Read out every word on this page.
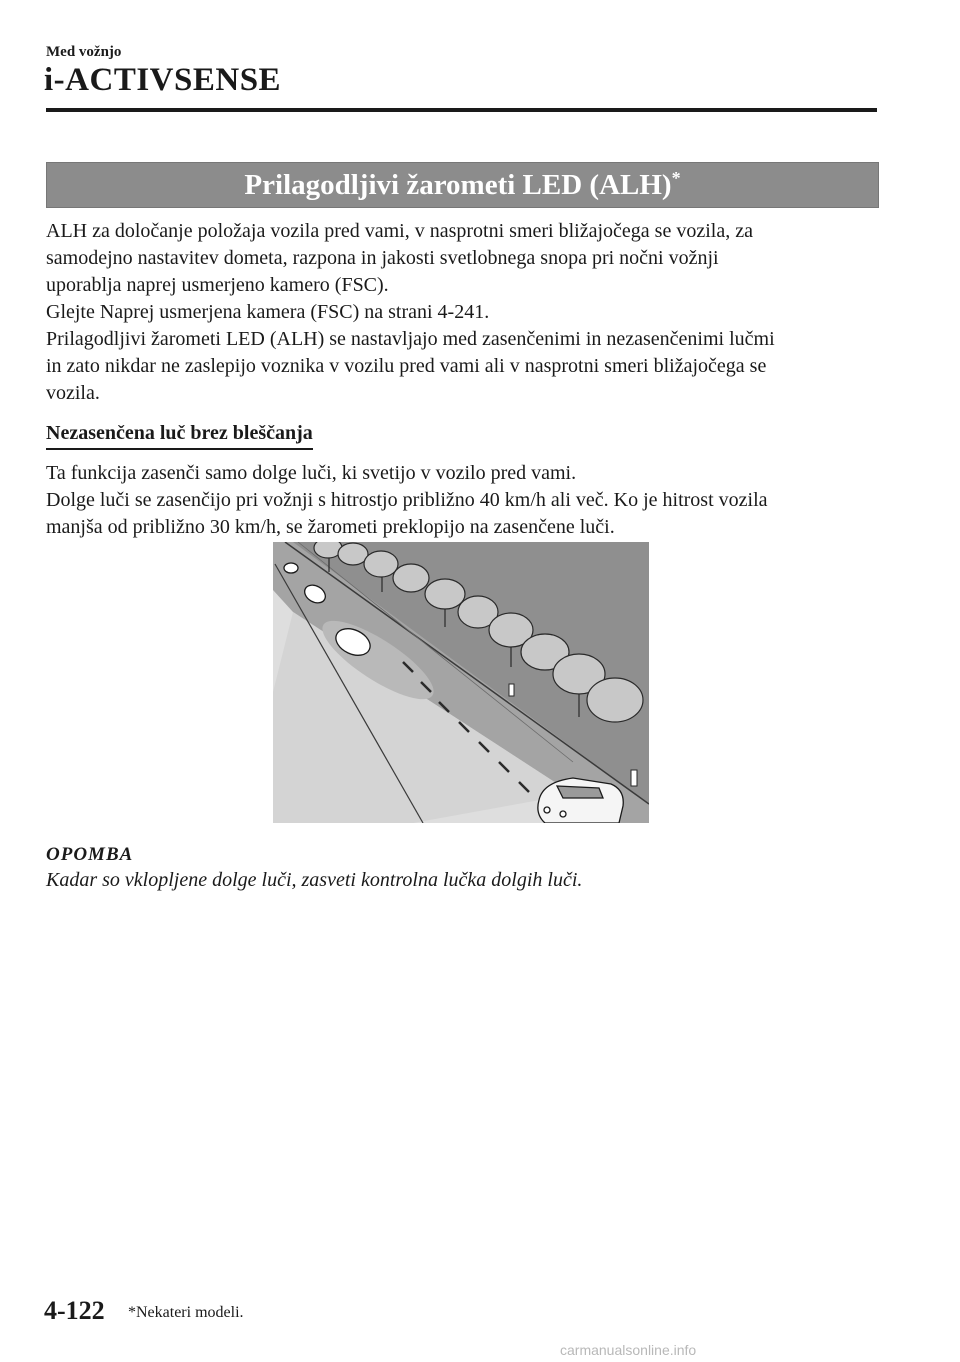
Med vožnjo
i-ACTIVSENSE
Prilagodljivi žarometi LED (ALH)*

ALH za določanje položaja vozila pred vami, v nasprotni smeri bližajočega se vozila, za

samodejno nastavitev dometa, razpona in jakosti svetlobnega snopa pri nočni vožnji

uporablja naprej usmerjeno kamero (FSC).

Glejte Naprej usmerjena kamera (FSC) na strani 4-241.

Prilagodljivi žarometi LED (ALH) se nastavljajo med zasenčenimi in nezasenčenimi lučmi

in zato nikdar ne zaslepijo voznika v vozilu pred vami ali v nasprotni smeri bližajočega se

vozila.

Nezasenčena luč brez bleščanja

Ta funkcija zasenči samo dolge luči, ki svetijo v vozilo pred vami.

Dolge luči se zasenčijo pri vožnji s hitrostjo približno 40 km/h ali več. Ko je hitrost vozila

manjša od približno 30 km/h, se žarometi preklopijo na zasenčene luči.

OPOMBA
Kadar so vklopljene dolge luči, zasveti kontrolna lučka dolgih luči.
4-122 *Nekateri modeli.
carmanualsonline.info
